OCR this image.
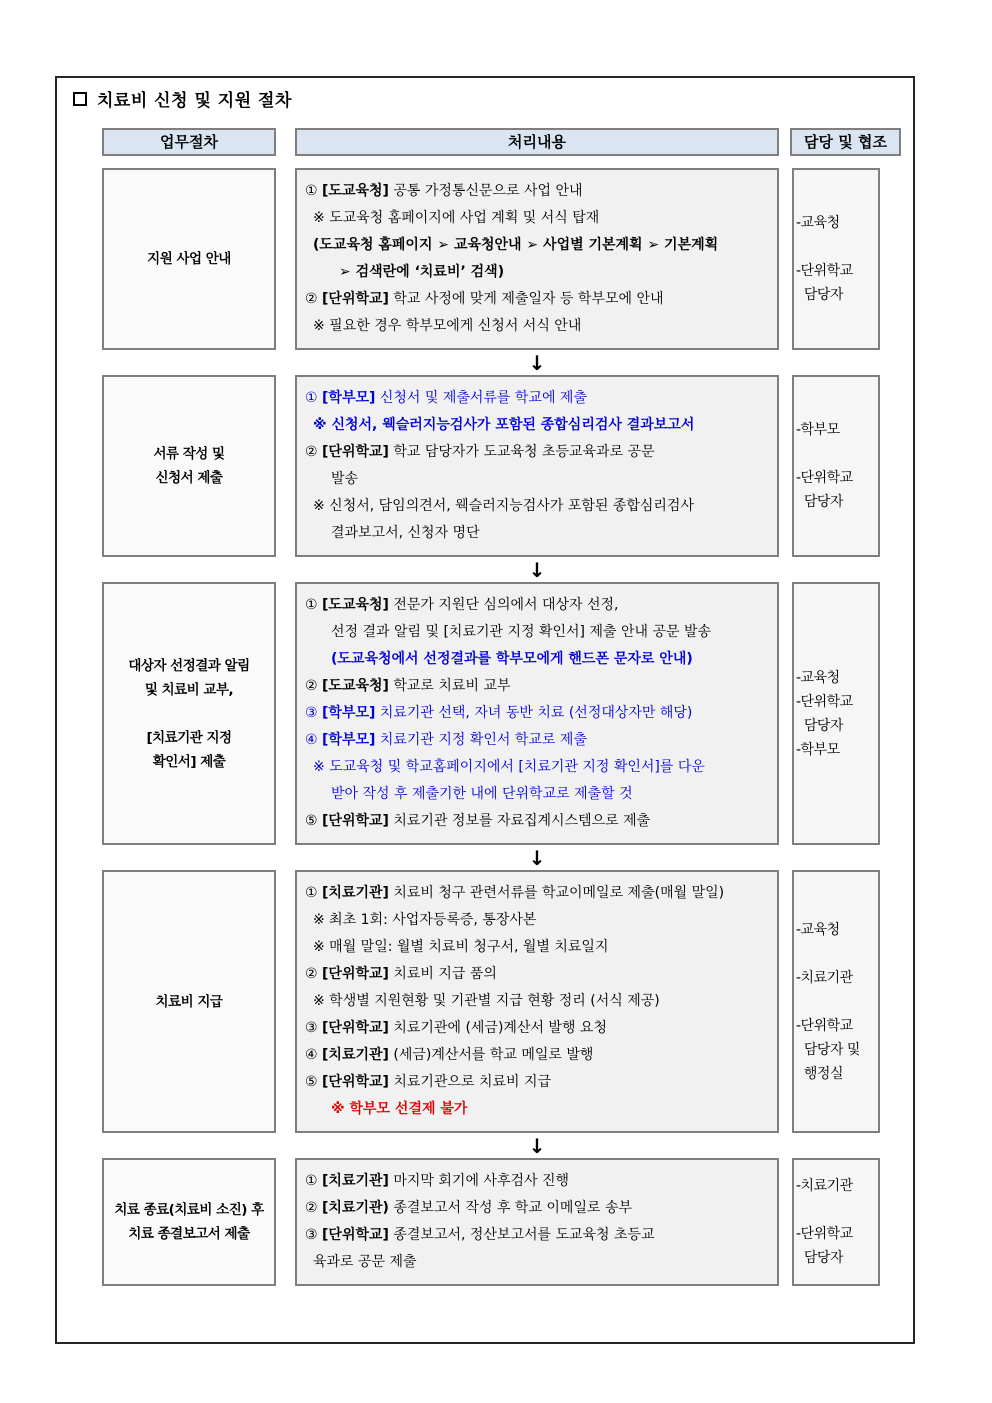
치료비 신청 및 지원 절차
업무절차	처리내용	담당 및 협조
지원 사업 안내
① [도교육청] 공통 가정통신문으로 사업 안내
※ 도교육청 홈페이지에 사업 계획 및 서식 탑재
(도교육청 홈페이지 ➢ 교육청안내 ➢ 사업별 기본계획 ➢ 기본계획
➢ 검색란에 ‘치료비’ 검색)
② [단위학교] 학교 사정에 맞게 제출일자 등 학부모에 안내
※ 필요한 경우 학부모에게 신청서 서식 안내
-교육청

-단위학교
담당자
↓
서류 작성 및
신청서 제출
① [학부모] 신청서 및 제출서류를 학교에 제출
※ 신청서, 웩슬러지능검사가 포함된 종합심리검사 결과보고서
② [단위학교] 학교 담당자가 도교육청 초등교육과로 공문
발송
※ 신청서, 담임의견서, 웩슬러지능검사가 포함된 종합심리검사
결과보고서, 신청자 명단
-학부모

-단위학교
담당자
↓
대상자 선정결과 알림
및 치료비 교부,

[치료기관 지정
확인서] 제출
① [도교육청] 전문가 지원단 심의에서 대상자 선정,
선정 결과 알림 및 [치료기관 지정 확인서] 제출 안내 공문 발송
(도교육청에서 선정결과를 학부모에게 핸드폰 문자로 안내)
② [도교육청] 학교로 치료비 교부
③ [학부모] 치료기관 선택, 자녀 동반 치료 (선정대상자만 해당)
④ [학부모] 치료기관 지정 확인서 학교로 제출
※ 도교육청 및 학교홈페이지에서 [치료기관 지정 확인서]를 다운
받아 작성 후 제출기한 내에 단위학교로 제출할 것
⑤ [단위학교] 치료기관 정보를 자료집계시스템으로 제출
-교육청
-단위학교
담당자
-학부모
↓
치료비 지급
① [치료기관] 치료비 청구 관련서류를 학교이메일로 제출(매월 말일)
※ 최초 1회: 사업자등록증, 통장사본
※ 매월 말일: 월별 치료비 청구서, 월별 치료일지
② [단위학교] 치료비 지급 품의
※ 학생별 지원현황 및 기관별 지급 현황 정리 (서식 제공)
③ [단위학교] 치료기관에 (세금)계산서 발행 요청
④ [치료기관] (세금)계산서를 학교 메일로 발행
⑤ [단위학교] 치료기관으로 치료비 지급
※ 학부모 선결제 불가
-교육청

-치료기관

-단위학교
담당자 및
행정실
↓
치료 종료(치료비 소진) 후
치료 종결보고서 제출
① [치료기관] 마지막 회기에 사후검사 진행
② [치료기관) 종결보고서 작성 후 학교 이메일로 송부
③ [단위학교] 종결보고서, 정산보고서를 도교육청 초등교
육과로 공문 제출
-치료기관

-단위학교
담당자
